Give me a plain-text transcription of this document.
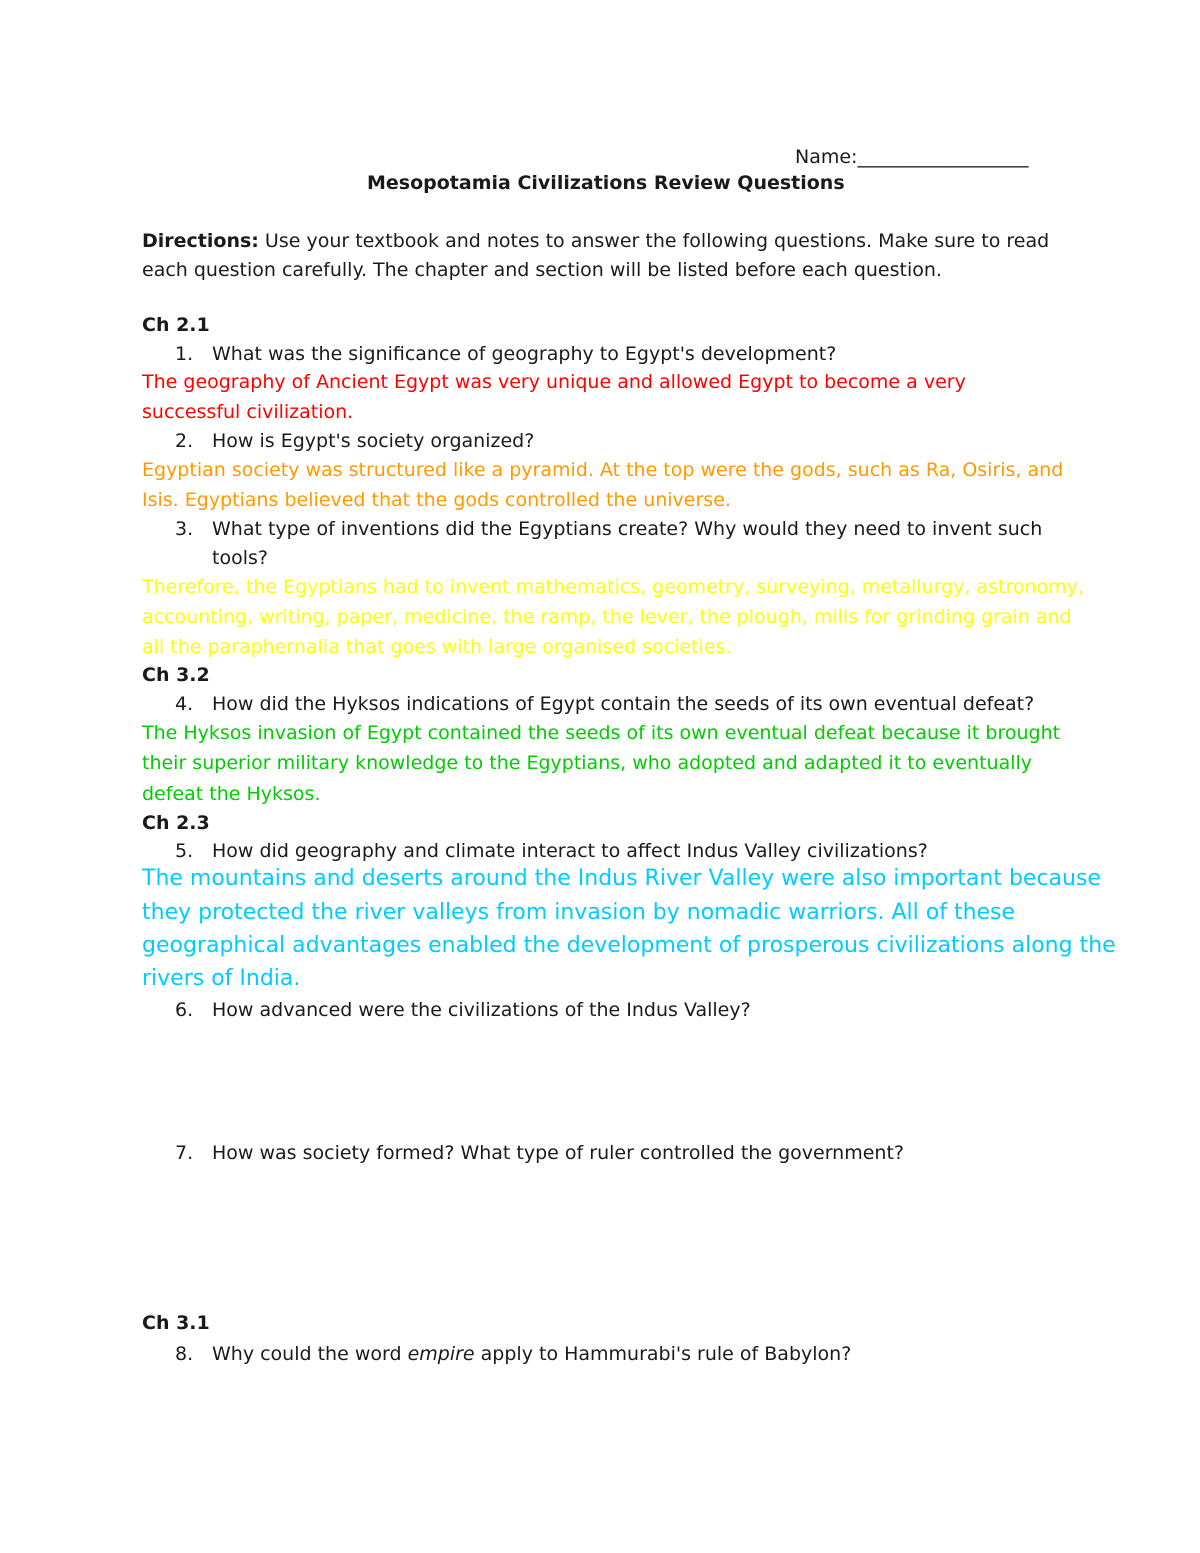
Name:__________________
Mesopotamia Civilizations Review Questions
Directions: Use your textbook and notes to answer the following questions. Make sure to read
each question carefully. The chapter and section will be listed before each question.
Ch 2.1
1. What was the significance of geography to Egypt's development?
The geography of Ancient Egypt was very unique and allowed Egypt to become a very
successful civilization.
2. How is Egypt's society organized?
Egyptian society was structured like a pyramid. At the top were the gods, such as Ra, Osiris, and
Isis. Egyptians believed that the gods controlled the universe.
3. What type of inventions did the Egyptians create? Why would they need to invent such
tools?
Therefore, the Egyptians had to invent mathematics, geometry, surveying, metallurgy, astronomy,
accounting, writing, paper, medicine, the ramp, the lever, the plough, mills for grinding grain and
all the paraphernalia that goes with large organised societies.
Ch 3.2
4. How did the Hyksos indications of Egypt contain the seeds of its own eventual defeat?
The Hyksos invasion of Egypt contained the seeds of its own eventual defeat because it brought
their superior military knowledge to the Egyptians, who adopted and adapted it to eventually
defeat the Hyksos.
Ch 2.3
5. How did geography and climate interact to affect Indus Valley civilizations?
The mountains and deserts around the Indus River Valley were also important because
they protected the river valleys from invasion by nomadic warriors. All of these
geographical advantages enabled the development of prosperous civilizations along the
rivers of India.
6. How advanced were the civilizations of the Indus Valley?
7. How was society formed? What type of ruler controlled the government?
Ch 3.1
8. Why could the word empire apply to Hammurabi's rule of Babylon?
